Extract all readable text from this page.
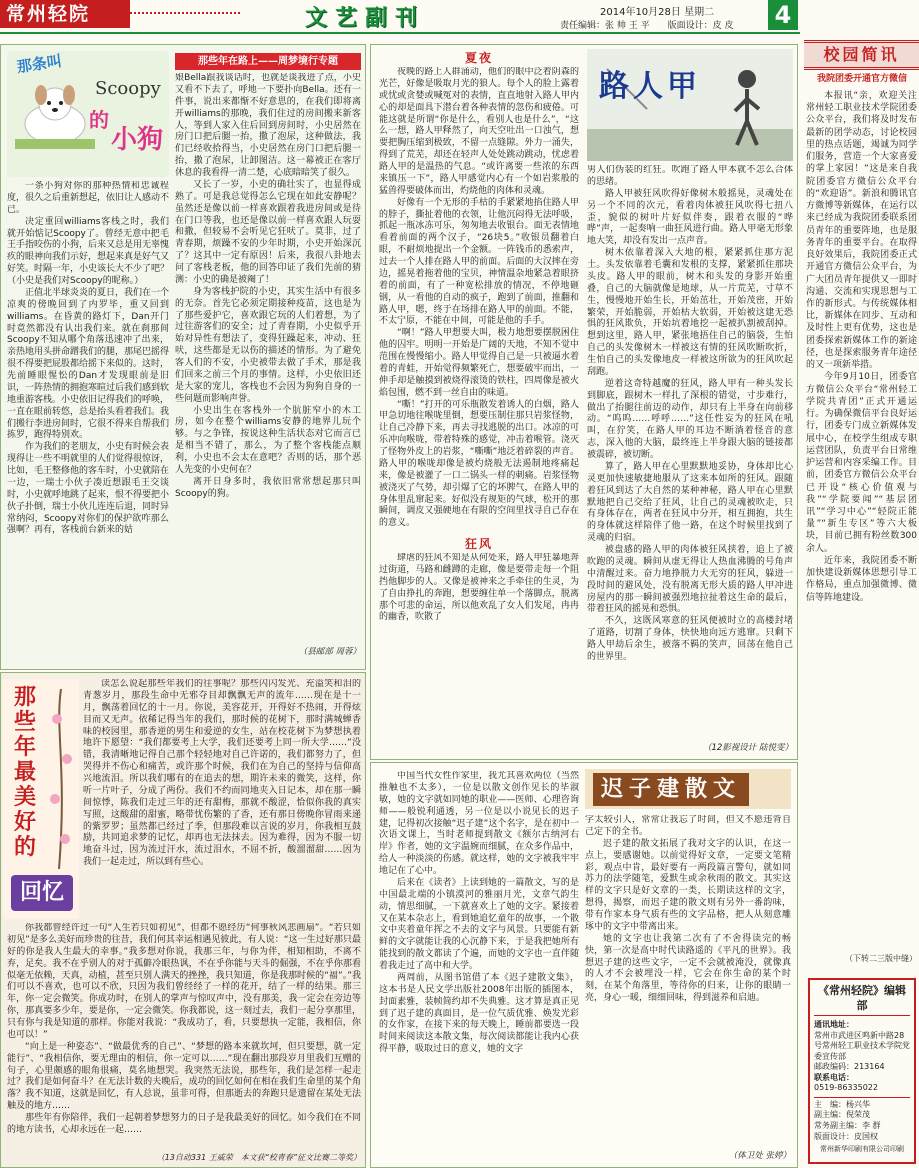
常州轻院	文艺副刊	2014年10月28日 星期二
责任编辑：张 帅 王 平　　版面设计：皮 皮 4
那条叫
Scoopy
的
小狗
那些年在路上——周梦境行专题

一条小狗对你的那种热情和忠诚程度，很久之后重新想起，依旧让人感动不已。

决定重回williams客栈之时，我们就开始惦记Scoopy了。曾经无意中把毛王手指咬伤的小狗，后来又总是用无辜愧疚的眼神向我们示好，想起来真是好气又好笑。时隔一年，小史该长大不少了吧？（小史是我们对Scoopy的昵称。）

正值北半球炎炎的夏日，我们在一个凉爽的傍晚回到了内罗毕，重又回到williams。在昏黄的路灯下，Dan开门时竟然都没有认出我们来。就在刹那间Scoopy不知从哪个角落迅速冲了出来，亲热地用头拼命蹭我们的腿，那尾巴摇得很不得要把屁股都给摇下来似的。这时，先前睡眼惺忪的Dan才发现眼前是旧识，一阵热情的拥抱寒暄过后我们感到软地重游客栈。小史依旧记得我们的呼唤，一直在眼前转悠，总是抬头看着我们。我们搬行李进房间时，它很不得来自帮我们拣罗，跑得特别欢。

作为我们的老朋友，小史有时候会表现得让一些不明就里的人们觉得很惊讶，比如，毛王整修他的客车时，小史就陪在一边，一瑞士小伙子凑近想跟毛王交谈时，小史就呼地跳了起来，恨不得要把小伙子扑倒，瑞士小伙儿连连后退，同时异常纳闷，Scoopy对你们的保护欲咋那么强啊？再有，客栈前台新来的姑

娘Bella跟我谈话时，也就是谈我进了点，小史又看不下去了，呼地一下要扑向Bella。还有一件事，说出来都惭不好意思的，在我们即将离开williams的那晚，我们住过的房间搬来新客人，等到人家入住后回到房间时，小史居然在房门口把后腿一抬，撒了泡尿，这种做法，我们已经收拾得当，小史居然在房门口把后腿一抬，撒了泡尿，让卸图洁。这一幕被正在客厅休息的我看得一清二楚，心底暗暗笑了很久。

又长了一岁，小史的确壮实了，也显得成熟了。可是我总觉得怎么它现在如此安静呢？虽然还是像以前一样喜欢跟着我进房间或是待在门口等我，也还是像以前一样喜欢跟人玩耍和撒，但较易不会听见它狂吠了。莫非，过了青春期，烦躁不安的少年时期，小史开始深沉了？这其中一定有原因！后来，我很八卦地去问了客栈老板，他的回答印证了我们先前的猜测：小史的确是被阉了！

身为客栈护院的小史，其实生活中有很多的无奈。首先它必须定期接种疫苗，这也是为了那些爱护它，喜欢跟它玩的人们着想，为了过往游客们的安全；过了青春期，小史似乎开始对异性有想法了，变得狂躁起来，冲动、狂吠，这些都是无以伤的描述的情形。为了避免客人们的不安，小史被带去做了手术，那是我们回来之前三个月的事情。这样，小史依旧还是大家的宠儿，客栈也不会因为狗狗自身的一些问题而影响声誉。

小史出生在客栈外一个肮脏窄小的木工房，如今在整个williams安静的地界儿玩个够。与之争锋，按说这种生活状态对它而言已是相当不错了，那么，为了整个客栈能点顺利，小史也不会太在意吧？否则的话，那个恶人先变的小史何在？

离开日身多时，我依旧常常想起那只叫Scoopy的狗。

（县邮部 周蓉）
那些年最美好的
回忆

读怎么说起那些年我们的往事呢？那些闪闪发光、充溢笑和泪的青葱岁月，那段生命中无邪夺目却飘飘无声的流年……现在是十一月，飘荡着回忆的十一月。你说，美容花开，开得好不热闹，开得炫目而又无声。依稀记得当年的我们，那时候的花树下，那时满城蝉香味的校园里，那香逆的男生和爱逆的女生，站在校花树下为梦想执着地许下愿望：“我们都要考上大学，我们还要考上同一所大学……”没错，我清晰地记得自己那个轻轻地对自己许诺的，我们都努力了，但哭得并不伤心和痛苦，或许那个时候，我们在为自己的坚持与信仰高兴地流泪。所以我们哪有的在追去的想，期许未来的微笑，这样，你听一片叶子，分成了两份。我们不约而同地夹入日记本，却在那一瞬间惊悸，陈我们走过三年的还有甜梅，那就不酸涩，恰似你我的真实写照，这酸甜的甜蜜，略带忧伤繁的了香，还有那日傍晚你冒雨来递的紫罗罗；虽然都已经过了季，但那段难以言说的岁月，你我相互鼓励，共同追求梦的记忆，却再也无法抹去。因为难得，因为不服一切地奋斗过，因为流过汗水，流过泪水，不屈不折，酸溜溜甜……因为我们一起走过，所以到有些心。

你我都曾经许过一句“人生若只如初见”，但都不愿经历“何事秋风悲画扇”。“若只如初见”是多么美好而珍贵的往昔，我们何其幸运相遇见彼此，有人说：“这一生过好那只最好的你是我人生最大的幸事。”我多想对你说，我那三年，与你为伴，相知相助，不离不弃，足矣。我不在乎别人的对于孤僻冷眼热讽，不在乎你能与天斗的倔强，不在乎你那看似毫无依赖，天真，动植，甚至只别人满天的挫挫，我只知道，你是我那时候的“福”。”我们可以不喜欢，也可以不欣，只因为我们曾经经了一样的花开，结了一样的结果。那三年，你一定会微笑。你成功时，在别人的掌声与惊叹声中，没有那美，我一定会在旁边等你，那真要多少年，要是你，一定会微笑。你我都说，这一刻过去，我们一起分享那里，只有你与我是知道的那样。你能对我说：“我成功了，看，只要想执一定能，我相信，你也可以！”

“向上是一种姿态”、“做最优秀的自己”、“梦想的路本来就坎坷，但只要想，就一定能行”、“我相信你，要无理由的相信，你一定可以……”现在翻出那段岁月里我们互赠的句子，心里颇感的眼角很痛，莫名地想哭。我突然无法说，那些年，我们是怎样一起走过？我们是如何奋斗？在无法计数的夫晚后，成功的回忆如何在相在我们生命里的某个角落？我不知道，这就是回忆，有人总说，虽非可得，但那逝去的奔跑只是遗留在某处无法触及的地方……

那些年有你陪伴，我们一起朝着梦想努力的日子是我最美好的回忆。如今我们在不同的地方读书，心却永远在一起……

（13自动331 王威荣　本文获“校青春”征文比赛二等奖）
夏夜
路人甲

夜晚的路上人群涌动，他们的眼中泛着阴森的光芒，好像是吸取月光的狼人。每个人的脸上露着或忧或贪婪或喊冤对的表情，直直地射入路人甲内心的却是面具下潜台着各种表情的忽伤和疲倦。可能这就是所谓“你是什么，看别人也是什么”，“这么一想，路人甲释然了，向天空吐出一口浊气，想要把胸压缩到极致，不留一点缝隙。外力一涌失，得到了荒芜，却还在轻声人处处跳动跳动，忧虑着路人甲的是温热的气息。“或许离要一些浓的东西来镇压一下”，路人甲感觉内心有一个如岩浆般的猛兽得要破体而出，灼烧他的肉体和灵魂。

好像有一个无形的手枯的手紧紧地掐住路人甲的脖子，撕扯着他的衣领，让他沉闷得无法呼吸，抓起一瓶冰冻可乐，匆匆地去收银台。面无表情地看着前面的两个汉子，“26块5。”收银员翻着白眼，不耐烦地提出一个金额。一阵钱币的悉索声，过去一个人排在路人甲的前面。后面的大汉摔在旁边，摇晃着拖着他的宝贝，神情温杂地紧急着眼挤着的前面，有了一种宽松排放的情况，不停地砸钢，从一看他的自动的疯子，跑到了前面，推翻和路人甲，嗯，终于在场排在路人甲的前面。不能，不太宁原，不能在中间，可能是他的手手。

“啊！”路人甲想要大叫，极力地想要摆脱困住他的囚牢。明明一开始是广阔的天地，不知不觉中范围在慢慢缩小。路人甲觉得自己是一只被逼水着着的青蛙，开始觉得频繁死亡，想要破牢而出，一伸手却是触摸到被烧得滚烫的铁柱，四周像是被火焰包围，燃不到一丝自由的味道。

“嘶！”打开的可乐瓶散发着诱人的白烟，路人甲急切地往喉咙里倒，想要压制住那只岩浆怪物，让自己冷静下来，再去寻找逃脱的出口。冰凉的可乐冲向喉咙，带着特殊的感觉，冲击着喉管。浇灭了怪物外皮上的岩浆，“嘶嘶”地泛着碎裂的声音。路人甲的喉咙却像是被灼烧般无法遏制地疼痛起来，像是被灌了一口二锅头一样的刺痛。岩浆怪物被浇灭了气势，却引爆了它的坏脾气，在路人甲的身体里乱窜起来。好似没有规矩的气球，松开的那瞬间，调皮又强硬地在有限的空间里找寻自己存在的意义。

狂风

肆虐的狂风不知是从何处来，路人甲狂暴地奔过街道，马路和雌蹲的走廊，像是要带走每一个阻挡他脚步的人。又像是被神来之手牵住的生灵，为了自由挣扎的奔跑，想要缠住单一个落脚点，脱离那个可悲的命运，所以他欢乱了女人们发尾，冉冉的幽香，吹散了

男人们伪装的红狂。吹跑了路人甲本就不怎么合体的思绪。

路人甲被狂风吹得好像树木般摇晃，灵魂处在另一个不同的次元，看着肉体被狂风吹得七扭八歪，貌似的树叶片好似伴奏，跟着衣服的“哗哗”声，一起奏响一曲狂风进行曲。路人甲毫无形象地大笑，却没有发出一点声音。

树木依靠着深入大地的根，紧紧抓住那方泥土。头发依靠着毛囊和发根的支撑，紧紧抓住那块头皮。路人甲的眼前，树木和头发的身影开始重叠，自己的大脑就像是地球，从一片荒芜，寸草不生，慢慢地开始生长，开始茁壮，开始茂密，开始繁荣，开始脆弱，开始枯大软弱，开始被这建无恐惧的狂风欺负，开始坑着地挖一起被扒割被刮掉。想到这里，路人甲，紧张地捂住自己的脑袋，生怕自己的头发像树木一样被这有情的狂风吹断吹折，生怕自己的头发像地皮一样被这所欲为的狂风吹起刮跑。

逆着这奇特越魔的狂风，路人甲有一种头发长到脚底，跟树木一样扎了深根的错觉，寸步难行，做出了抬腿往前迈的动作，却只有上半身在向前移动。“呜呜……呼呼……”这任性妄为的狂风在吼叫，在狞笑，在路人甲的耳边不断淌着怪音的意志，深入他的大脑，最终连上半身跟大脑的链接都被震碎，被切断。

算了，路人甲在心里默默地妥协，身体却比心灵更加快速敏捷地服从了这来本如所的狂风。跟随着狂风到达了大自然的某种神秘，路人甲在心里默默地把自己交给了狂风，让自己的灵魂被吹走，只有身体存在，两者在狂风中分开，相互拥抱，共生的身体就这样陪伴了他一路，在这个时候里找到了灵魂的归宿。

被盘感的路人甲的肉体被狂风挟着，追上了被吹跑的灵魂。瞬间从虚无得让人热血沸腾的号角声中清醒过来。奋力地挣脱力大无穷的狂风，躲进一段时间的避风处，没有脱离无形大质的路人甲冲进房屋内的那一瞬间被强烈地拉扯着这生命的最后，带着狂风的摇晃和恐惧。

不久，这既风寒意的狂风便被时立的高楼封堵了道路，切割了身体，快快地向远方逃窜。只剩下路人甲劫后余生，被落不羁的笑声，回荡在他自己的世界里。

（12影视设计 陆悦雯）
迟子建散文

中国当代女性作家里，我尤其喜欢两位（当然推触也不太多），一位是以散文创作见长的毕淑敏，她的文字就如同她的职业——医师、心理咨询师——般锐利通透，另一位是以小说见长的迟子建，记得初次接触“迟子建”这个名字，是在初中一次语文课上，当时老师提到散文《额尔古纳河右岸》作者，她的文字温婉而细腻，在众多作品中，给人一种淡淡的伤感。就这样，她的文字被我牢牢地记在了心中。

后来在《读者》上读到她的一篇散文，写的是中国最北端的小镇漠河的雅丽月光，文章气韵生动，情思细腻，一下就喜欢上了她的文字。紧接着又在某本杂志上，看到她追忆童年的故事，一个散文中夹着童年挥之不去的文字与风景。只要能有新鲜的文字就能让我的心沉静下来，于是我把她所有能找到的散文都读了个遍，而她的文字也一直伴随着我走过了高中和大学。

两周前，从图书馆借了本《迟子建散文集》，这本书是人民文学出版社2008年出版的插图本，封面素雅，装帧简约却不失典雅。这才算是真正见到了迟子建的真面目，是一位气质优雅、焕发光彩的女作家，在接下来的每天晚上，睡前都要选一段时间来阅读这本散文集，每次阅读都能让我内心获得平静，吸取过日的意义，她的文字

字太较引人，常常让我忘了时间，但又不愿违背自己定下的全书。

迟子建的散文拓展了我对文字的认识，在这一点上，要感谢她。以前觉得好文章，一定要文笔精彩，观点中肯，最好要有一两段篇言警句，就如同苏力的法学随笔，爱默生或余秋雨的散文。其实这样的文字只是好文章的一类，长期读这样的文字，想得，揭察，而迟子建的散文则有另外一番韵味，带有作家本身气质有些的文字品格，把人从刻意雕琢中的文字中带离出来。

她的文字也让我第二次有了不舍得读完的畅快，第一次是高中时代读路遥的《平凡的世界》。我想迟子建的这些文字，一定不会就被淹没，就像真的人才不会被埋没一样，它会在你生命的某个时刻，在某个角落里，等待你的归来，让你的眼睛一亮，身心一暖，细细回味，得到滋养和启迪。

（体卫处 张婷）
校园简讯
我院团委开通官方微信

本报讯“亲，欢迎关注常州轻工职业技术学院团委公众平台，我们将及时发布最新的团学动态，讨论校园里的热点话题，竭诚为同学们服务，营造一个大家喜爱的掌上家园！”这是来自我院团委官方微信公众平台的“欢迎语”。新浪和腾讯官方微博等新媒体，在运行以来已经成为我院团委联系团员青年的重要阵地，也是服务青年的重要平台。在取得良好效果后，我院团委正式开通官方微信公众平台，为广大团员青年提供又一即时沟通、交流和实现思想与工作的新形式。与传统媒体相比，新媒体在同步、互动和及时性上更有优势，这也是团委探索新媒体工作的新途径，也是探索服务青年途径的又一项新举措。

今年9月10日，团委官方微信公众平台“常州轻工学院共青团”正式开通运行。为确保微信平台良好运行，团委专门成立新媒体发展中心，在校学生组成专职运营团队，负责平台日常维护运营和内容采编工作。目前，团委官方微信公众平台已开设“核心价值观与我”“学院要闻”“基层团讯”“学习中心”“轻院正能量”“新生专区”等六大板块，目前已拥有粉丝数300余人。

近年来，我院团委不断加快建设新媒体思想引导工作格局，重点加强微博、微信等阵地建设。

（下转二三版中缝）
《常州轻院》编辑部
通讯地址：
常州市武进区鸣新中路28号常州轻工职业技术学院党委宣传部
邮政编码：213164
联系电话：
0519-86335022
主　编：杨兴华
副主编：倪荣茂
常务副主编：李 群
版面设计：皮国权
常州新华印刷有限公司印刷
